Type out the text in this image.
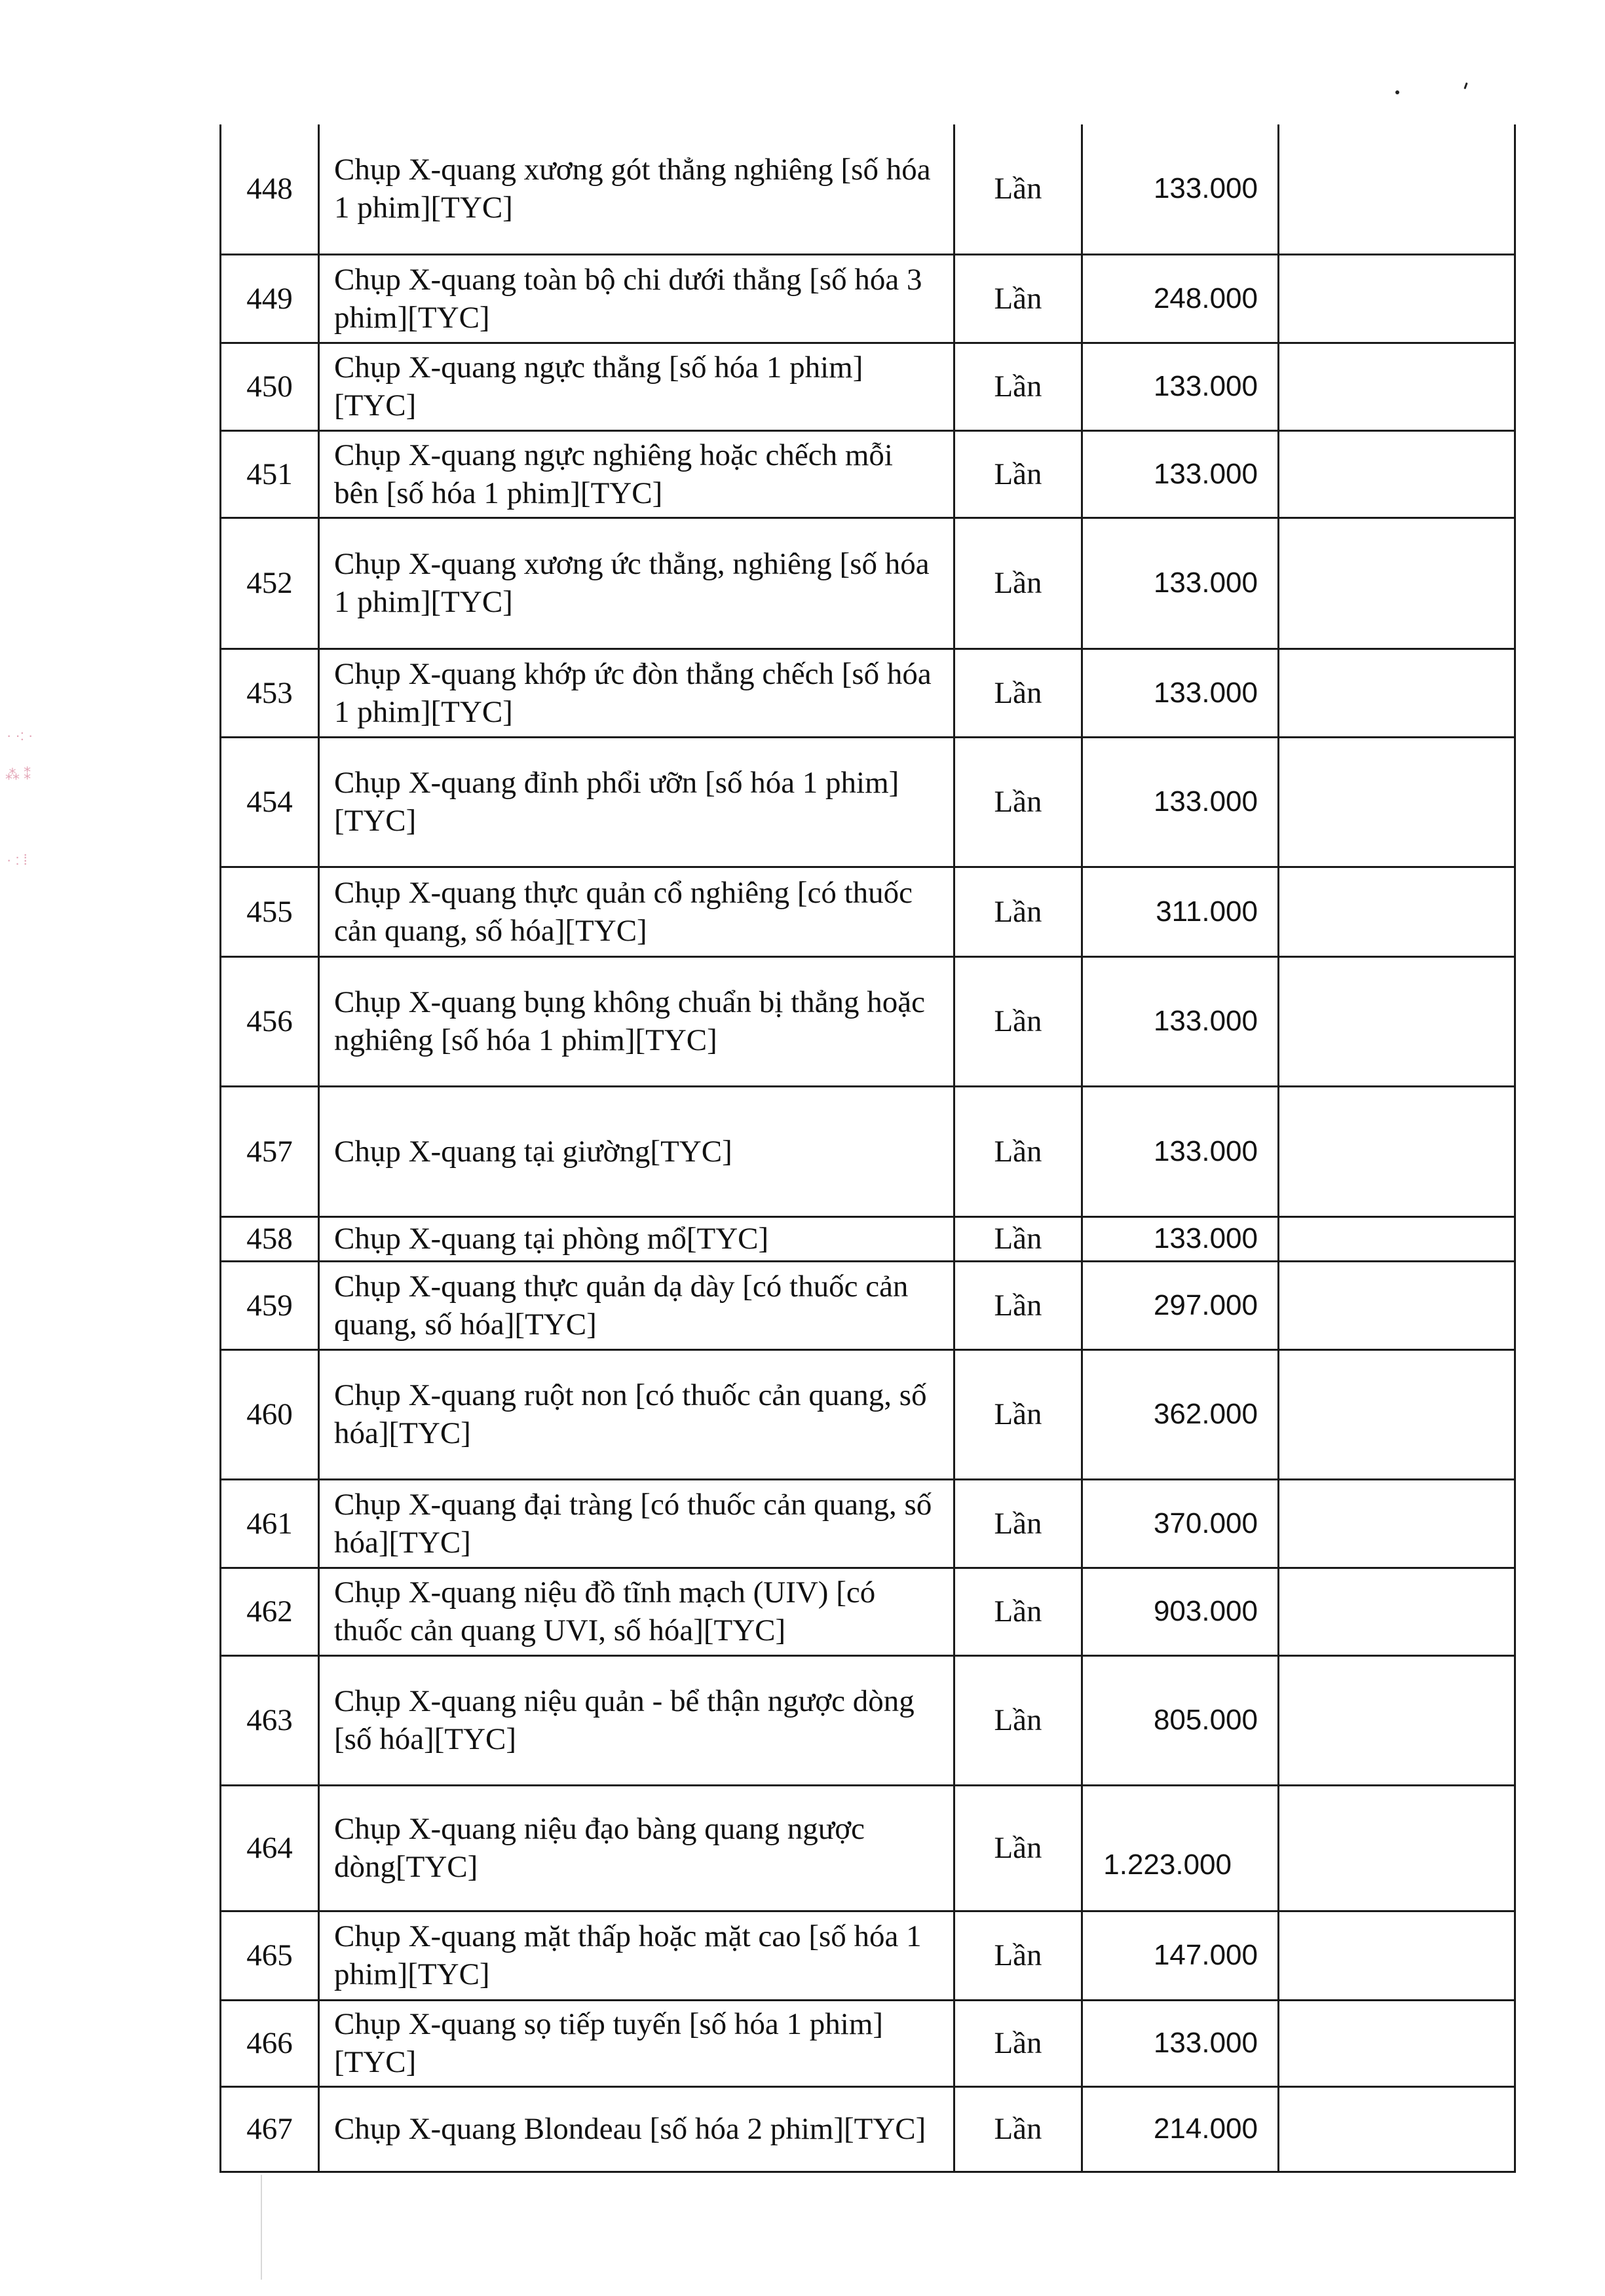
· ·: ·
⁂ ⁑
· : ⁞
448	Chụp X-quang xương gót thẳng nghiêng [số hóa 1 phim][TYC]	Lần	133.000	
449	Chụp X-quang toàn bộ chi dưới thẳng [số hóa 3 phim][TYC]	Lần	248.000	
450	Chụp X-quang ngực thẳng [số hóa 1 phim][TYC]	Lần	133.000	
451	Chụp X-quang ngực nghiêng hoặc chếch mỗi bên [số hóa 1 phim][TYC]	Lần	133.000	
452	Chụp X-quang xương ức thẳng, nghiêng [số hóa 1 phim][TYC]	Lần	133.000	
453	Chụp X-quang khớp ức đòn thẳng chếch [số hóa 1 phim][TYC]	Lần	133.000	
454	Chụp X-quang đỉnh phổi ưỡn [số hóa 1 phim][TYC]	Lần	133.000	
455	Chụp X-quang thực quản cổ nghiêng [có thuốc cản quang, số hóa][TYC]	Lần	311.000	
456	Chụp X-quang bụng không chuẩn bị thẳng hoặc nghiêng [số hóa 1 phim][TYC]	Lần	133.000	
457	Chụp X-quang tại giường[TYC]	Lần	133.000	
458	Chụp X-quang tại phòng mổ[TYC]	Lần	133.000	
459	Chụp X-quang thực quản dạ dày [có thuốc cản quang, số hóa][TYC]	Lần	297.000	
460	Chụp X-quang ruột non [có thuốc cản quang, số hóa][TYC]	Lần	362.000	
461	Chụp X-quang đại tràng [có thuốc cản quang, số hóa][TYC]	Lần	370.000	
462	Chụp X-quang niệu đồ tĩnh mạch (UIV) [có thuốc cản quang UVI, số hóa][TYC]	Lần	903.000	
463	Chụp X-quang niệu quản - bể thận ngược dòng [số hóa][TYC]	Lần	805.000	
464	Chụp X-quang niệu đạo bàng quang ngược dòng[TYC]	Lần	1.223.000	
465	Chụp X-quang mặt thấp hoặc mặt cao [số hóa 1 phim][TYC]	Lần	147.000	
466	Chụp X-quang sọ tiếp tuyến [số hóa 1 phim][TYC]	Lần	133.000	
467	Chụp X-quang Blondeau [số hóa 2 phim][TYC]	Lần	214.000	
